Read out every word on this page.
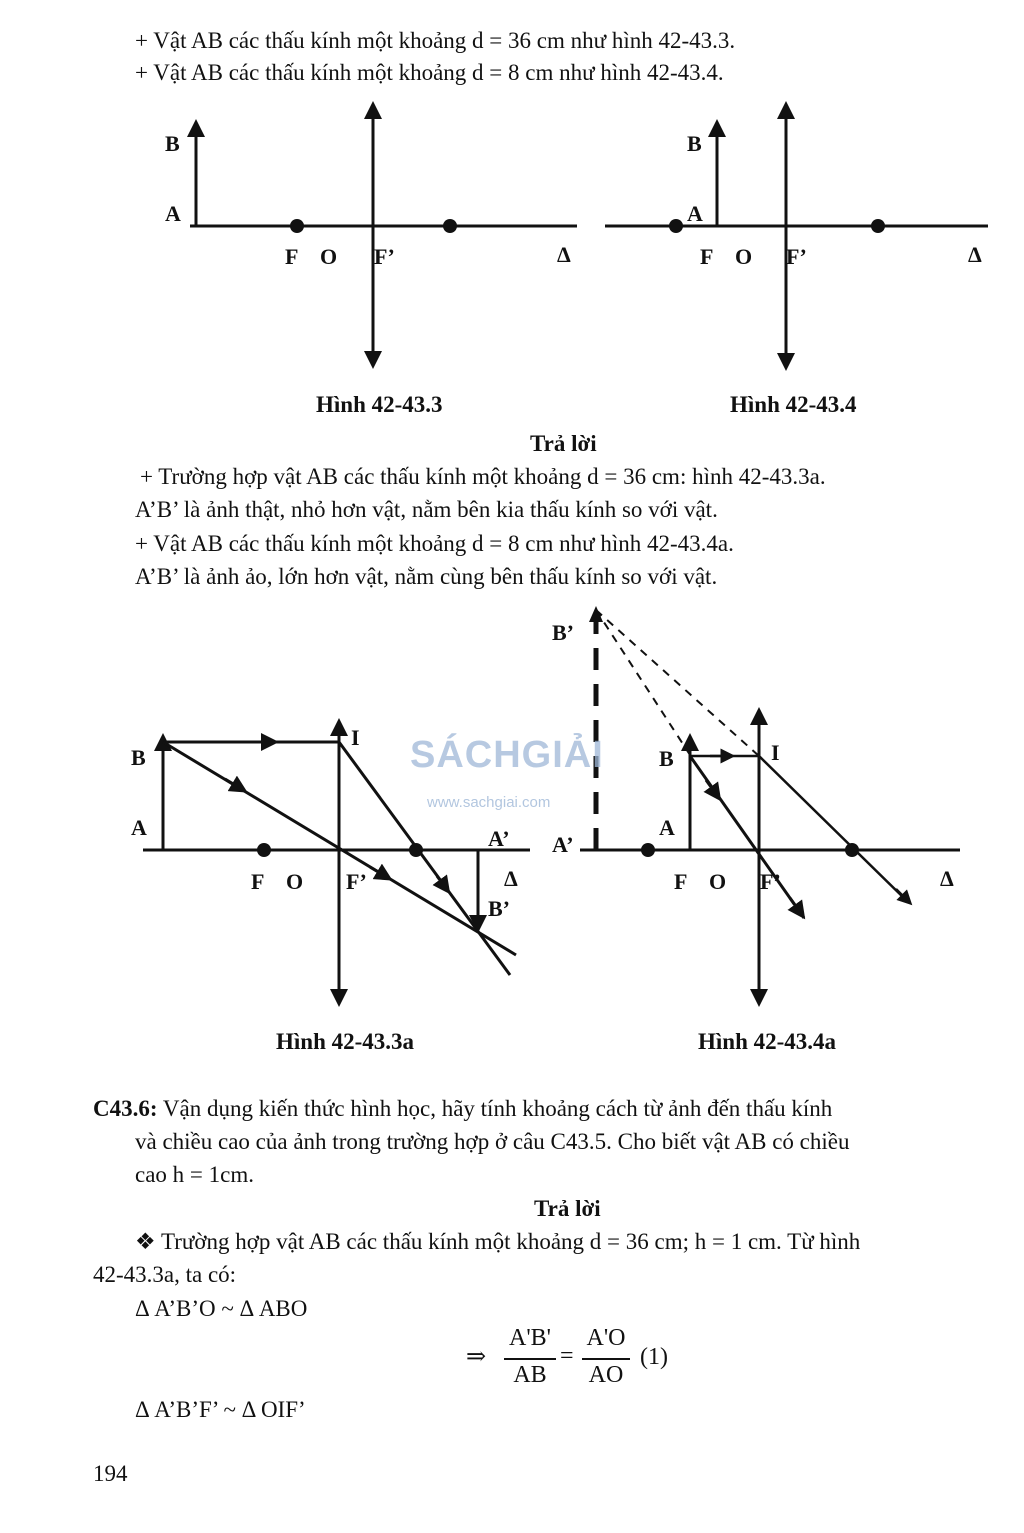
+ Vật AB các thấu kính một khoảng d = 36 cm như hình 42-43.3.
+ Vật AB các thấu kính một khoảng d = 8 cm như hình 42-43.4.
B
A
F O F’	Δ
B
A
F O F’	Δ
B
A
I
F O F’
A’
B’
Δ
B
A
I
F O F’
B’
A’
Δ
Hình 42-43.3	Hình 42-43.4
Trả lời
+ Trường hợp vật AB các thấu kính một khoảng d = 36 cm: hình 42-43.3a.
A’B’ là ảnh thật, nhỏ hơn vật, nằm bên kia thấu kính so với vật.
+ Vật AB các thấu kính một khoảng d = 8 cm như hình 42-43.4a.
A’B’ là ảnh ảo, lớn hơn vật, nằm cùng bên thấu kính so với vật.
SÁCHGIẢI
www.sachgiai.com
Hình 42-43.3a	Hình 42-43.4a
C43.6: Vận dụng kiến thức hình học, hãy tính khoảng cách từ ảnh đến thấu kính
và chiều cao của ảnh trong trường hợp ở câu C43.5. Cho biết vật AB có chiều
cao h = 1cm.
Trả lời
❖ Trường hợp vật AB các thấu kính một khoảng d = 36 cm; h = 1 cm. Từ hình
42-43.3a, ta có:
Δ A’B’O ~ Δ ABO
⇒
A'B'
AB
=
A'O
AO
(1)
Δ A’B’F’ ~ Δ OIF’
194
